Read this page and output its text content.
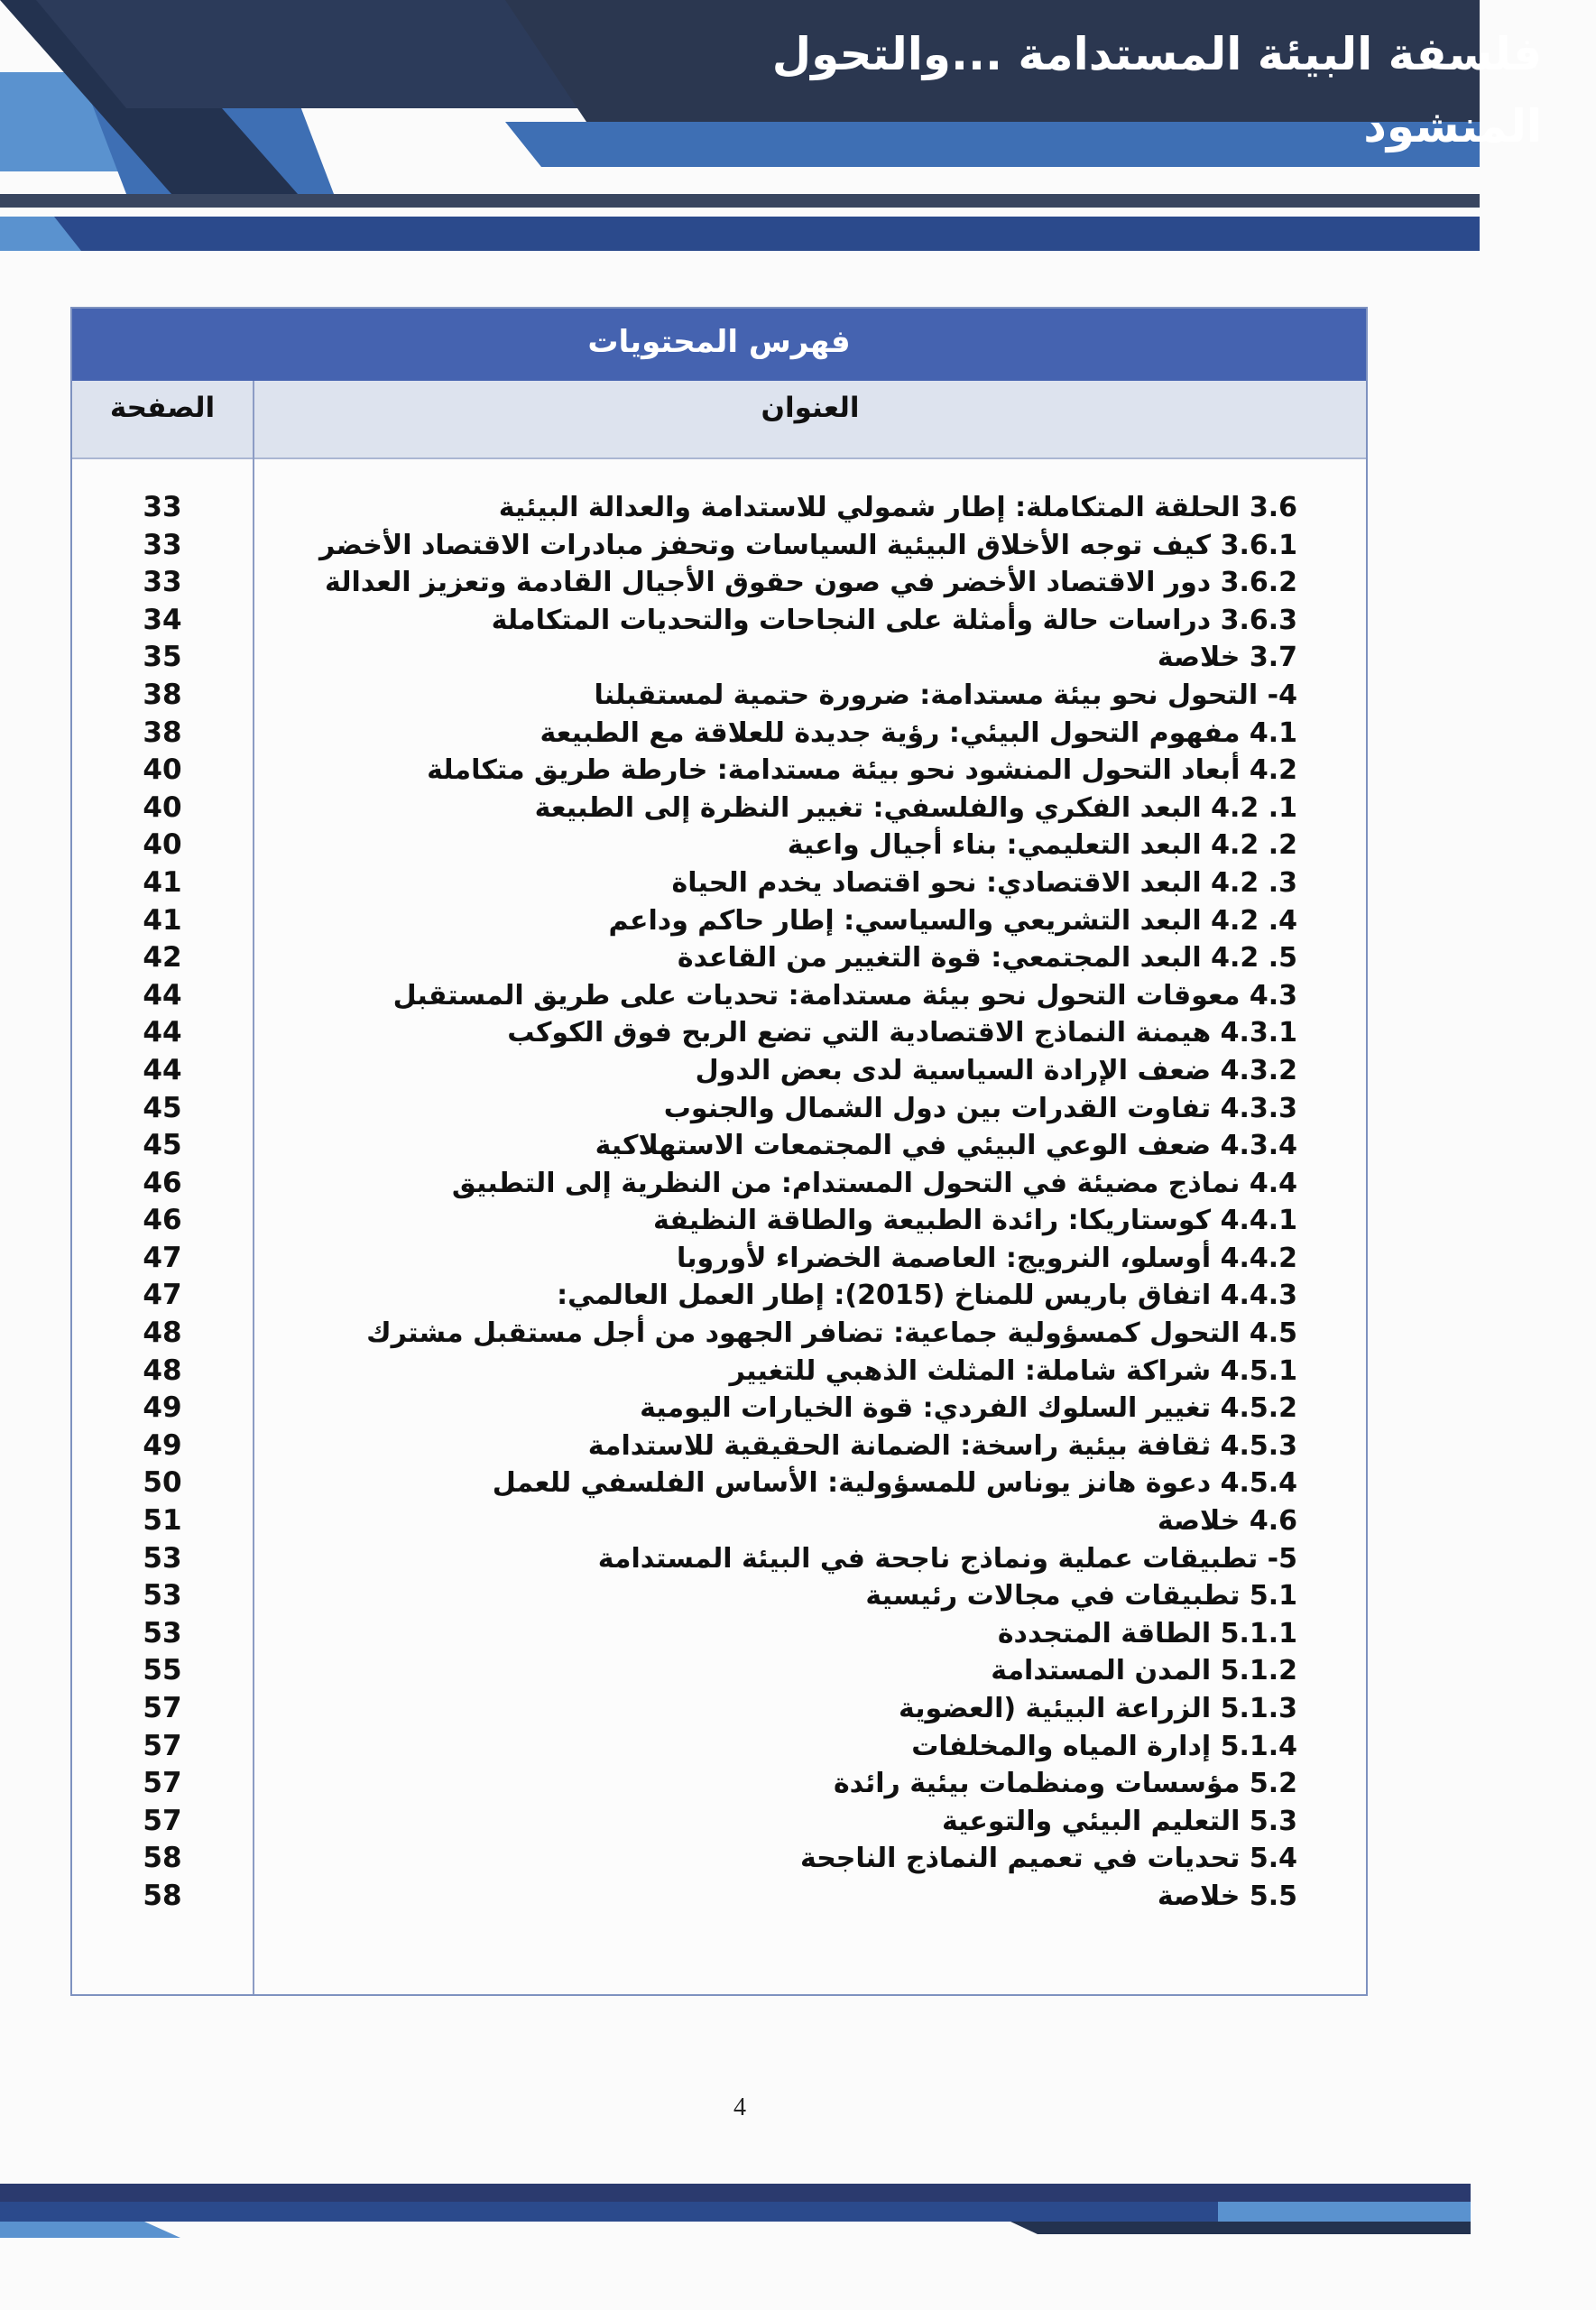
فلسفة البيئة المستدامة ...والتحول المنشود
فهرس المحتويات
الصفحة	العنوان
33	3.6 الحلقة المتكاملة: إطار شمولي للاستدامة والعدالة البيئية
33	3.6.1 كيف توجه الأخلاق البيئية السياسات وتحفز مبادرات الاقتصاد الأخضر
33	3.6.2 دور الاقتصاد الأخضر في صون حقوق الأجيال القادمة وتعزيز العدالة
34	3.6.3 دراسات حالة وأمثلة على النجاحات والتحديات المتكاملة
35	3.7 خلاصة
38	4- التحول نحو بيئة مستدامة: ضرورة حتمية لمستقبلنا
38	4.1 مفهوم التحول البيئي: رؤية جديدة للعلاقة مع الطبيعة
40	4.2 أبعاد التحول المنشود نحو بيئة مستدامة: خارطة طريق متكاملة
40	1. 4.2 البعد الفكري والفلسفي: تغيير النظرة إلى الطبيعة
40	2. 4.2 البعد التعليمي: بناء أجيال واعية
41	3. 4.2 البعد الاقتصادي: نحو اقتصاد يخدم الحياة
41	4. 4.2 البعد التشريعي والسياسي: إطار حاكم وداعم
42	5. 4.2 البعد المجتمعي: قوة التغيير من القاعدة
44	4.3 معوقات التحول نحو بيئة مستدامة: تحديات على طريق المستقبل
44	4.3.1 هيمنة النماذج الاقتصادية التي تضع الربح فوق الكوكب
44	4.3.2 ضعف الإرادة السياسية لدى بعض الدول
45	4.3.3 تفاوت القدرات بين دول الشمال والجنوب
45	4.3.4 ضعف الوعي البيئي في المجتمعات الاستهلاكية
46	4.4 نماذج مضيئة في التحول المستدام: من النظرية إلى التطبيق
46	4.4.1 كوستاريكا: رائدة الطبيعة والطاقة النظيفة
47	4.4.2 أوسلو، النرويج: العاصمة الخضراء لأوروبا
47	4.4.3 اتفاق باريس للمناخ (2015): إطار العمل العالمي:
48	4.5 التحول كمسؤولية جماعية: تضافر الجهود من أجل مستقبل مشترك
48	4.5.1 شراكة شاملة: المثلث الذهبي للتغيير
49	4.5.2 تغيير السلوك الفردي: قوة الخيارات اليومية
49	4.5.3 ثقافة بيئية راسخة: الضمانة الحقيقية للاستدامة
50	4.5.4 دعوة هانز يوناس للمسؤولية: الأساس الفلسفي للعمل
51	4.6 خلاصة
53	5- تطبيقات عملية ونماذج ناجحة في البيئة المستدامة
53	5.1 تطبيقات في مجالات رئيسية
53	5.1.1 الطاقة المتجددة
55	5.1.2 المدن المستدامة
57	5.1.3 الزراعة البيئية (العضوية
57	5.1.4 إدارة المياه والمخلفات
57	5.2 مؤسسات ومنظمات بيئية رائدة
57	5.3 التعليم البيئي والتوعية
58	5.4 تحديات في تعميم النماذج الناجحة
58	5.5 خلاصة
4
